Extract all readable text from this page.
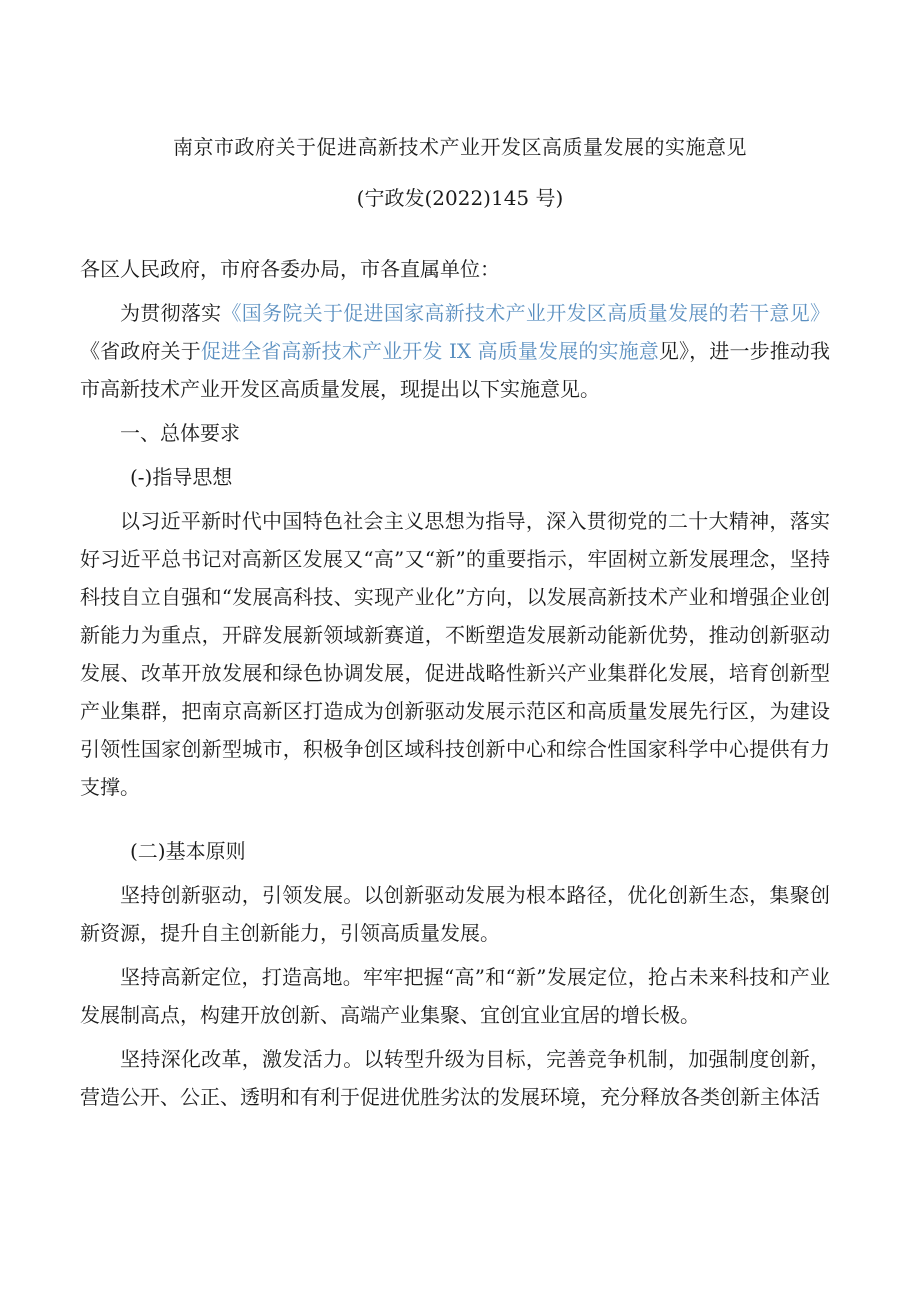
南京市政府关于促进高新技术产业开发区高质量发展的实施意见
(宁政发(2022)145 号)

各区人民政府，市府各委办局，市各直属单位：

为贯彻落实《国务院关于促进国家高新技术产业开发区高质量发展的若干意见》《省政府关于促进全省高新技术产业开发 IX 高质量发展的实施意见》，进一步推动我市高新技术产业开发区高质量发展，现提出以下实施意见。

一、总体要求

(-)指导思想

以习近平新时代中国特色社会主义思想为指导，深入贯彻党的二十大精神，落实好习近平总书记对高新区发展又“高”又“新”的重要指示，牢固树立新发展理念，坚持科技自立自强和“发展高科技、实现产业化”方向，以发展高新技术产业和增强企业创新能力为重点，开辟发展新领域新赛道，不断塑造发展新动能新优势，推动创新驱动发展、改革开放发展和绿色协调发展，促进战略性新兴产业集群化发展，培育创新型产业集群，把南京高新区打造成为创新驱动发展示范区和高质量发展先行区，为建设引领性国家创新型城市，积极争创区域科技创新中心和综合性国家科学中心提供有力支撑。

(二)基本原则

坚持创新驱动，引领发展。以创新驱动发展为根本路径，优化创新生态，集聚创新资源，提升自主创新能力，引领高质量发展。

坚持高新定位，打造高地。牢牢把握“高”和“新”发展定位，抢占未来科技和产业发展制高点，构建开放创新、高端产业集聚、宜创宜业宜居的增长极。

坚持深化改革，激发活力。以转型升级为目标，完善竞争机制，加强制度创新，营造公开、公正、透明和有利于促进优胜劣汰的发展环境，充分释放各类创新主体活
